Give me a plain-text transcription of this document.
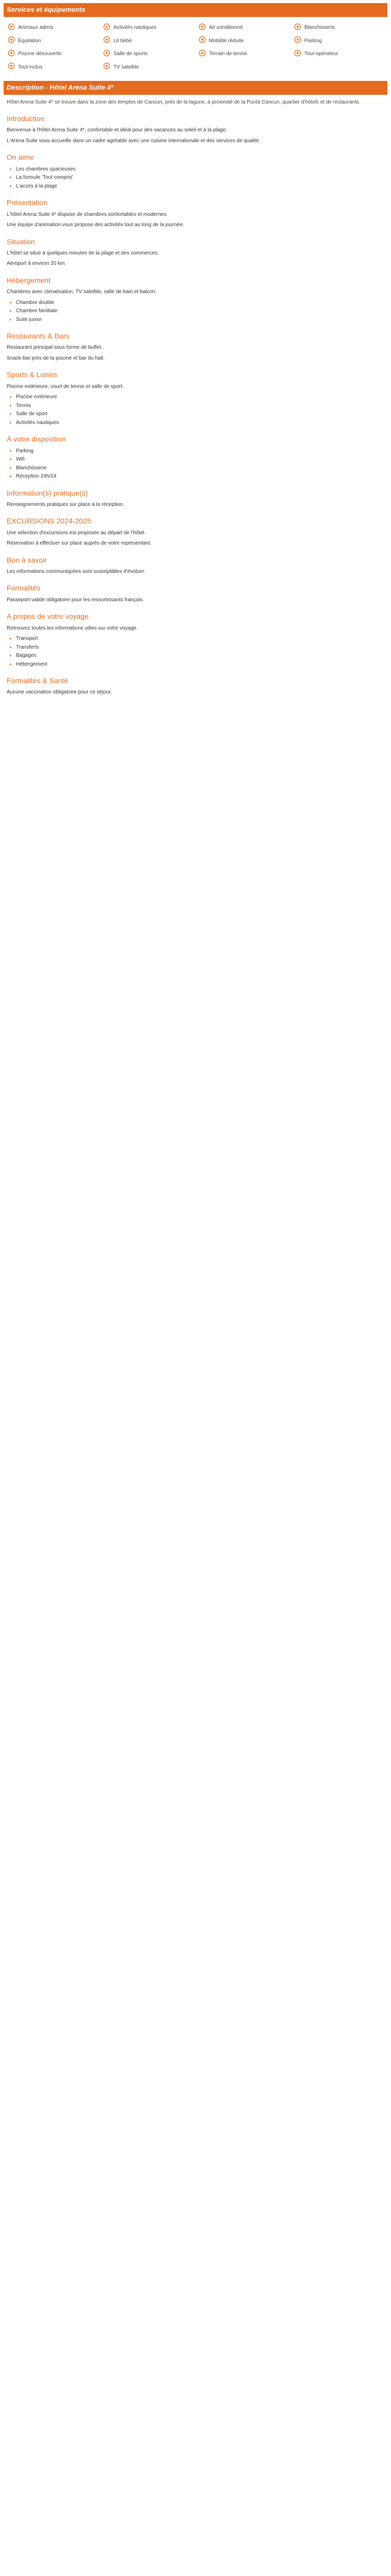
Services et équipements
Animaux admis	Activités nautiques	Air conditionné	Blanchisserie
Équitation	Lit bébé	Mobilité réduite	Parking
Piscine découverte	Salle de sports	Terrain de tennis	Tour-opérateur
Tout inclus	TV satellite
Description - Hôtel Arena Suite 4*

Hôtel Arena Suite 4* se trouve dans la zone des temples de Cancun, près de la lagune, à proximité de la Punta Cancun, quartier d'hôtels et de restaurants.

Introduction

Bienvenue à l'hôtel Arena Suite 4*, confortable et idéal pour des vacances au soleil et à la plage.

L'Arena Suite vous accueille dans un cadre agréable avec une cuisine internationale et des services de qualité.

On aime
• Les chambres spacieuses
• La formule 'Tout compris'
• L'accès à la plage
Présentation

L'hôtel Arena Suite 4* dispose de chambres confortables et modernes.

Une équipe d'animation vous propose des activités tout au long de la journée.

Situation

L'hôtel se situe à quelques minutes de la plage et des commerces.

Aéroport à environ 20 km.

Hébergement

Chambres avec climatisation, TV satellite, salle de bain et balcon.

• Chambre double
• Chambre familiale
• Suite junior
Restaurants & Bars

Restaurant principal sous forme de buffet.

Snack-bar près de la piscine et bar du hall.

Sports & Loisirs

Piscine extérieure, court de tennis et salle de sport.

• Piscine extérieure
• Tennis
• Salle de sport
• Activités nautiques
À votre disposition
• Parking
• Wifi
• Blanchisserie
• Réception 24h/24
Information(s) pratique(s)

Renseignements pratiques sur place à la réception.

EXCURSIONS 2024-2025

Une sélection d'excursions est proposée au départ de l'hôtel.

Réservation à effectuer sur place auprès de votre représentant.

Bon à savoir

Les informations communiquées sont susceptibles d'évoluer.

Formalités

Passeport valide obligatoire pour les ressortissants français.

A propos de votre voyage

Retrouvez toutes les informations utiles sur votre voyage.

• Transport
• Transferts
• Bagages
• Hébergement
Formalités & Santé

Aucune vaccination obligatoire pour ce séjour.
